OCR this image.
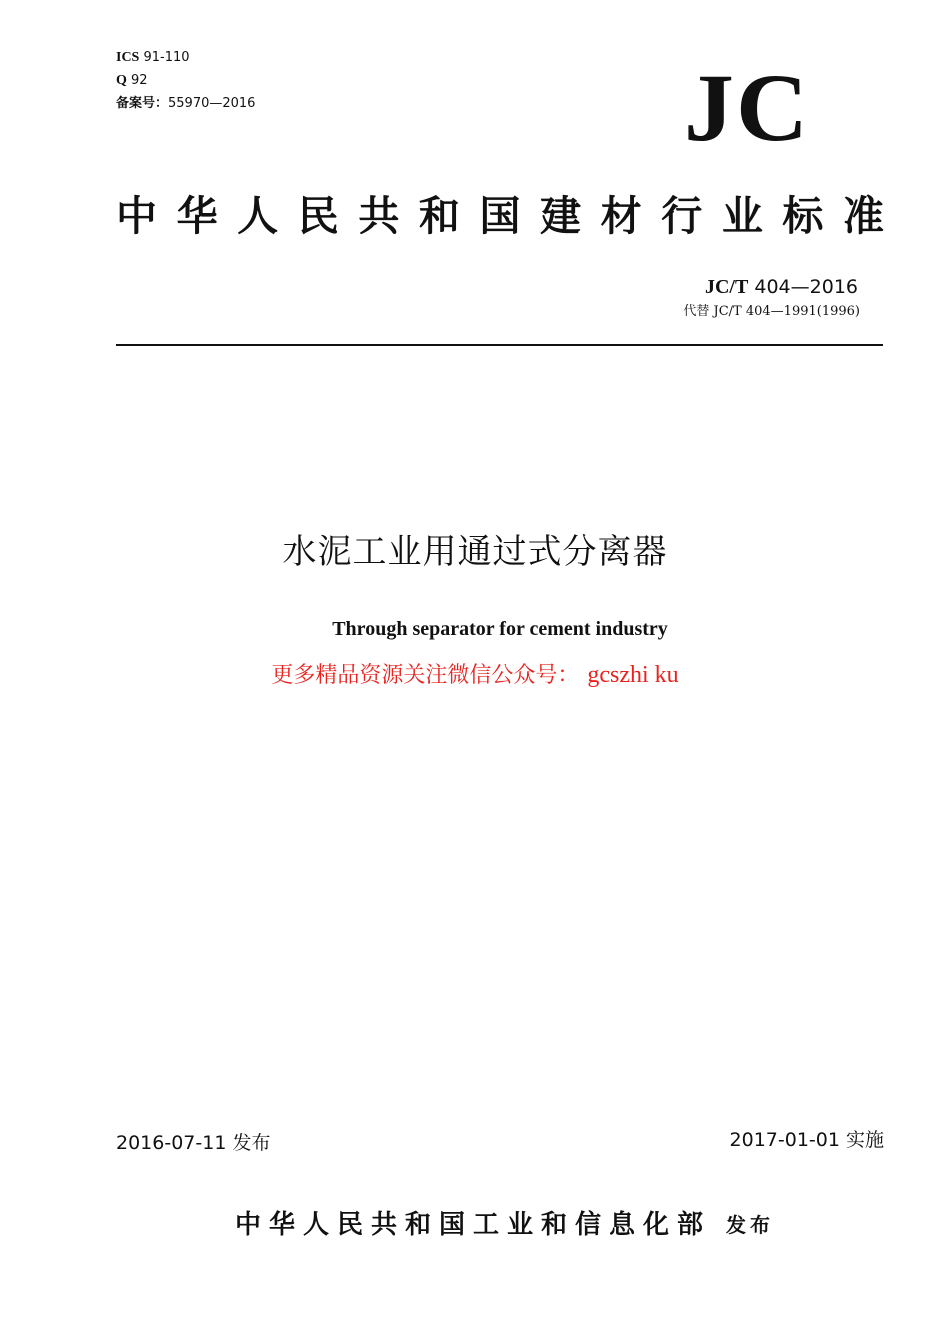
ICS 91-110
Q 92
备案号：55970—2016	JC
中华人民共和国建材行业标准
JC/T 404—2016
代替 JC/T 404—1991(1996)
水泥工业用通过式分离器
Through separator for cement industry
更多精品资源关注微信公众号： gcszhi ku
2016-07-11 发布	2017-01-01 实施
中华人民共和国工业和信息化部 发布
